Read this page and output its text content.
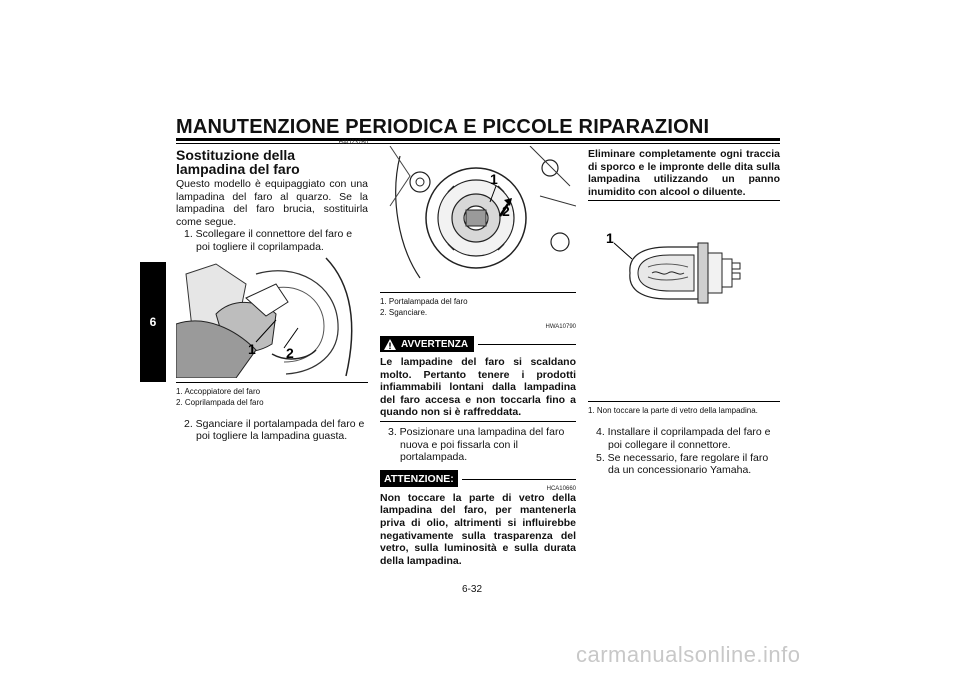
MANUTENZIONE PERIODICA E PICCOLE RIPARAZIONI
6

HAU23760

Sostituzione della lampadina del faro

Questo modello è equipaggiato con una lampadina del faro al quarzo. Se la lampadina del faro brucia, sostituirla come segue.

1. Scollegare il connettore del faro e poi togliere il coprilampada.

1 2

1. Accoppiatore del faro

2. Coprilampada del faro

2. Sganciare il portalampada del faro e poi togliere la lampadina guasta.

1
2

1. Portalampada del faro

2. Sganciare.

HWA10790

AVVERTENZA

Le lampadine del faro si scaldano molto. Pertanto tenere i prodotti infiammabili lontani dalla lampadina del faro accesa e non toccarla fino a quando non si è raffreddata.

3. Posizionare una lampadina del faro nuova e poi fissarla con il portalampada.

ATTENZIONE:

HCA10660

Non toccare la parte di vetro della lampadina del faro, per mantenerla priva di olio, altrimenti si influirebbe negativamente sulla trasparenza del vetro, sulla luminosità e sulla durata della lampadina.

Eliminare completamente ogni traccia di sporco e le impronte delle dita sulla lampadina utilizzando un panno inumidito con alcool o diluente.

1

1. Non toccare la parte di vetro della lampadina.

4. Installare il coprilampada del faro e poi collegare il connettore.

5. Se necessario, fare regolare il faro da un concessionario Yamaha.

6-32

carmanualsonline.info
